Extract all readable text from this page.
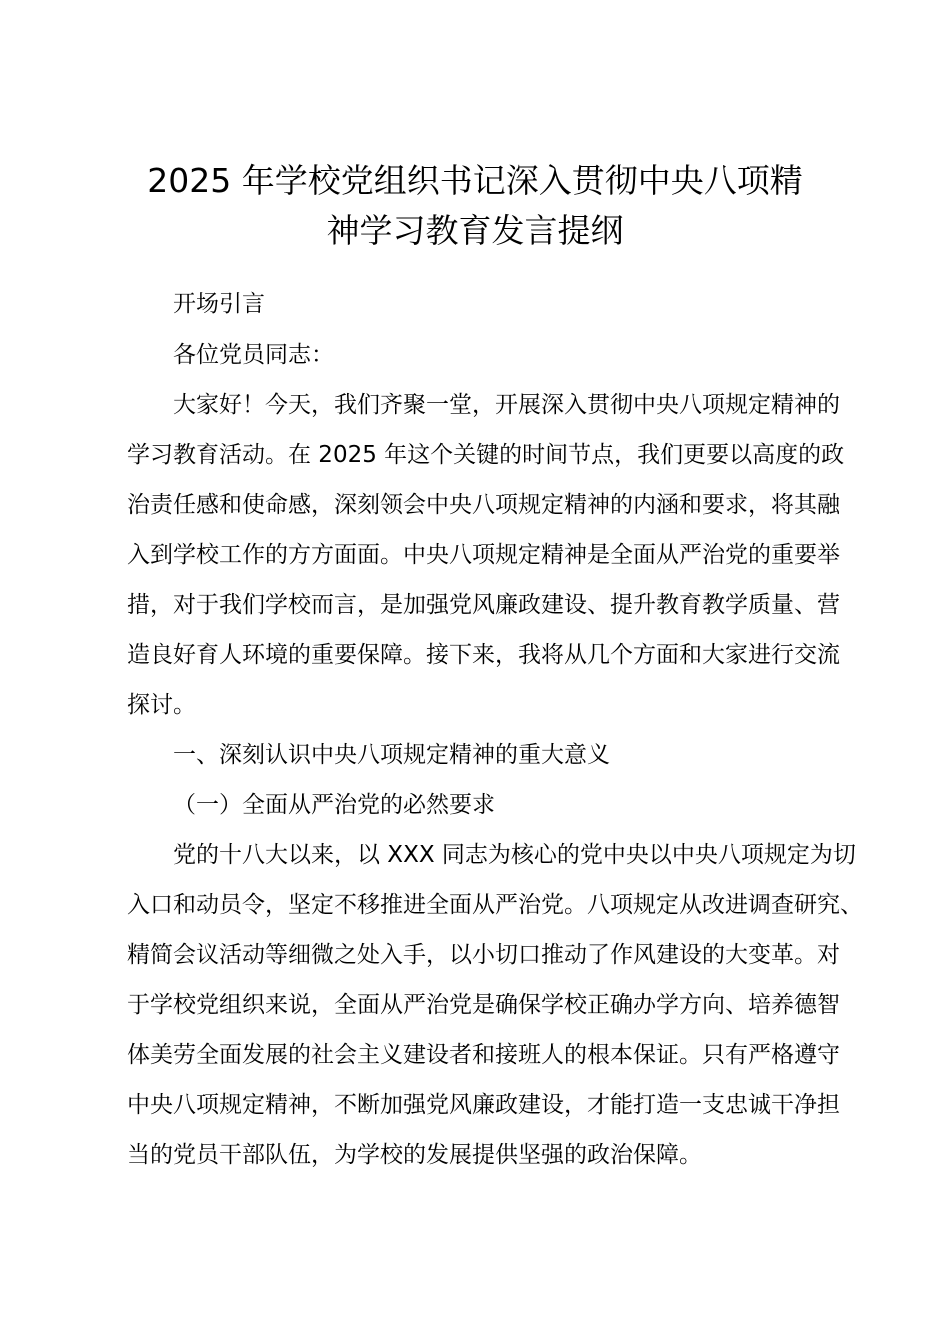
2025 年学校党组织书记深入贯彻中央八项精
神学习教育发言提纲

开场引言

各位党员同志：

大家好！今天，我们齐聚一堂，开展深入贯彻中央八项规定精神的

学习教育活动。在 2025 年这个关键的时间节点，我们更要以高度的政

治责任感和使命感，深刻领会中央八项规定精神的内涵和要求，将其融

入到学校工作的方方面面。中央八项规定精神是全面从严治党的重要举

措，对于我们学校而言，是加强党风廉政建设、提升教育教学质量、营

造良好育人环境的重要保障。接下来，我将从几个方面和大家进行交流

探讨。

一、深刻认识中央八项规定精神的重大意义

（一）全面从严治党的必然要求

党的十八大以来，以 XXX 同志为核心的党中央以中央八项规定为切

入口和动员令，坚定不移推进全面从严治党。八项规定从改进调查研究、

精简会议活动等细微之处入手，以小切口推动了作风建设的大变革。对

于学校党组织来说，全面从严治党是确保学校正确办学方向、培养德智

体美劳全面发展的社会主义建设者和接班人的根本保证。只有严格遵守

中央八项规定精神，不断加强党风廉政建设，才能打造一支忠诚干净担

当的党员干部队伍，为学校的发展提供坚强的政治保障。
